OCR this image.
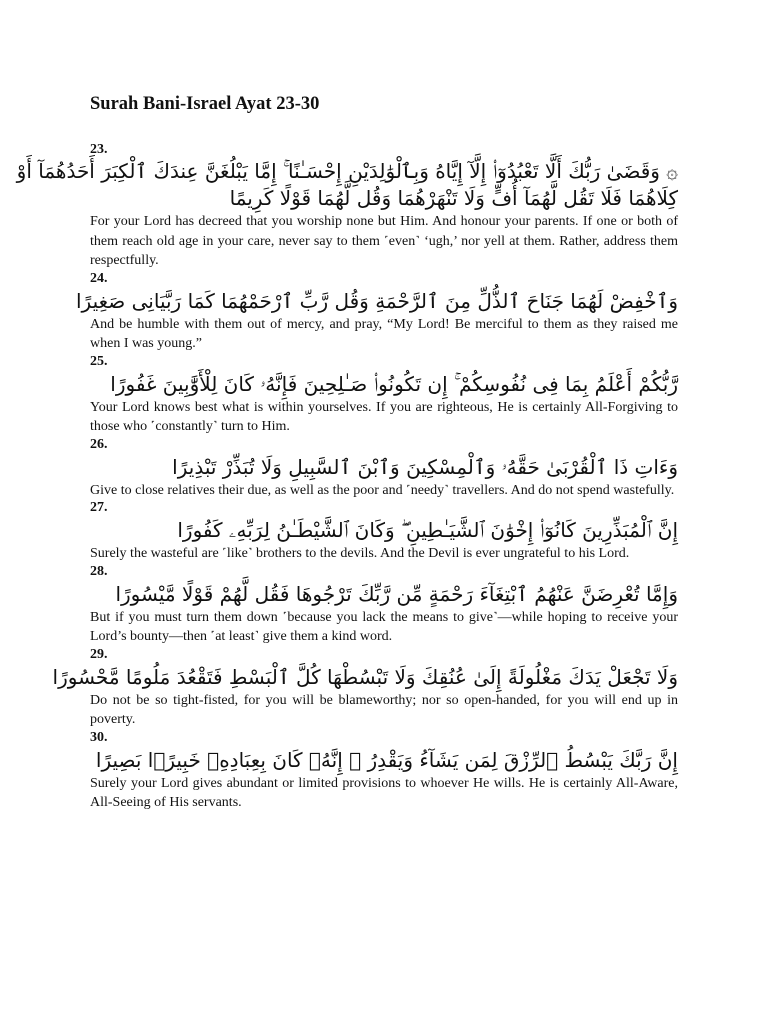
Surah Bani-Israel Ayat 23-30
23.
۞ وَقَضَىٰ رَبُّكَ أَلَّا تَعْبُدُوٓا۟ إِلَّآ إِيَّاهُ وَبِٱلْوَٰلِدَيْنِ إِحْسَـٰنًا ۚ إِمَّا يَبْلُغَنَّ عِندَكَ ٱلْكِبَرَ أَحَدُهُمَآ أَوْ
كِلَاهُمَا فَلَا تَقُل لَّهُمَآ أُفٍّ وَلَا تَنْهَرْهُمَا وَقُل لَّهُمَا قَوْلًا كَرِيمًا

For your Lord has decreed that you worship none but Him. And honour your parents. If one or both of them reach old age in your care, never say to them ˹even˺ ‘ugh,’ nor yell at them. Rather, address them respectfully.

24.
وَٱخْفِضْ لَهُمَا جَنَاحَ ٱلذُّلِّ مِنَ ٱلرَّحْمَةِ وَقُل رَّبِّ ٱرْحَمْهُمَا كَمَا رَبَّيَانِى صَغِيرًا

And be humble with them out of mercy, and pray, “My Lord! Be merciful to them as they raised me when I was young.”

25.
رَّبُّكُمْ أَعْلَمُ بِمَا فِى نُفُوسِكُمْ ۚ إِن تَكُونُوا۟ صَـٰلِحِينَ فَإِنَّهُۥ كَانَ لِلْأَوَّٰبِينَ غَفُورًا

Your Lord knows best what is within yourselves. If you are righteous, He is certainly All-Forgiving to those who ˹constantly˺ turn to Him.

26.
وَءَاتِ ذَا ٱلْقُرْبَىٰ حَقَّهُۥ وَٱلْمِسْكِينَ وَٱبْنَ ٱلسَّبِيلِ وَلَا تُبَذِّرْ تَبْذِيرًا

Give to close relatives their due, as well as the poor and ˹needy˺ travellers. And do not spend wastefully.

27.
إِنَّ ٱلْمُبَذِّرِينَ كَانُوٓا۟ إِخْوَٰنَ ٱلشَّيَـٰطِينِ ۖ وَكَانَ ٱلشَّيْطَـٰنُ لِرَبِّهِۦ كَفُورًا

Surely the wasteful are ˹like˺ brothers to the devils. And the Devil is ever ungrateful to his Lord.

28.
وَإِمَّا تُعْرِضَنَّ عَنْهُمُ ٱبْتِغَآءَ رَحْمَةٍ مِّن رَّبِّكَ تَرْجُوهَا فَقُل لَّهُمْ قَوْلًا مَّيْسُورًا

But if you must turn them down ˹because you lack the means to give˺—while hoping to receive your Lord’s bounty—then ˹at least˺ give them a kind word.

29.
وَلَا تَجْعَلْ يَدَكَ مَغْلُولَةً إِلَىٰ عُنُقِكَ وَلَا تَبْسُطْهَا كُلَّ ٱلْبَسْطِ فَتَقْعُدَ مَلُومًا مَّحْسُورًا

Do not be so tight-fisted, for you will be blameworthy; nor so open-handed, for you will end up in poverty.

30.
إِنَّ رَبَّكَ يَبْسُطُ ٱلرِّزْقَ لِمَن يَشَآءُ وَيَقْدِرُ ۚ إِنَّهُۥ كَانَ بِعِبَادِهِۦ خَبِيرًۢا بَصِيرًا

Surely your Lord gives abundant or limited provisions to whoever He wills. He is certainly All-Aware, All-Seeing of His servants.
